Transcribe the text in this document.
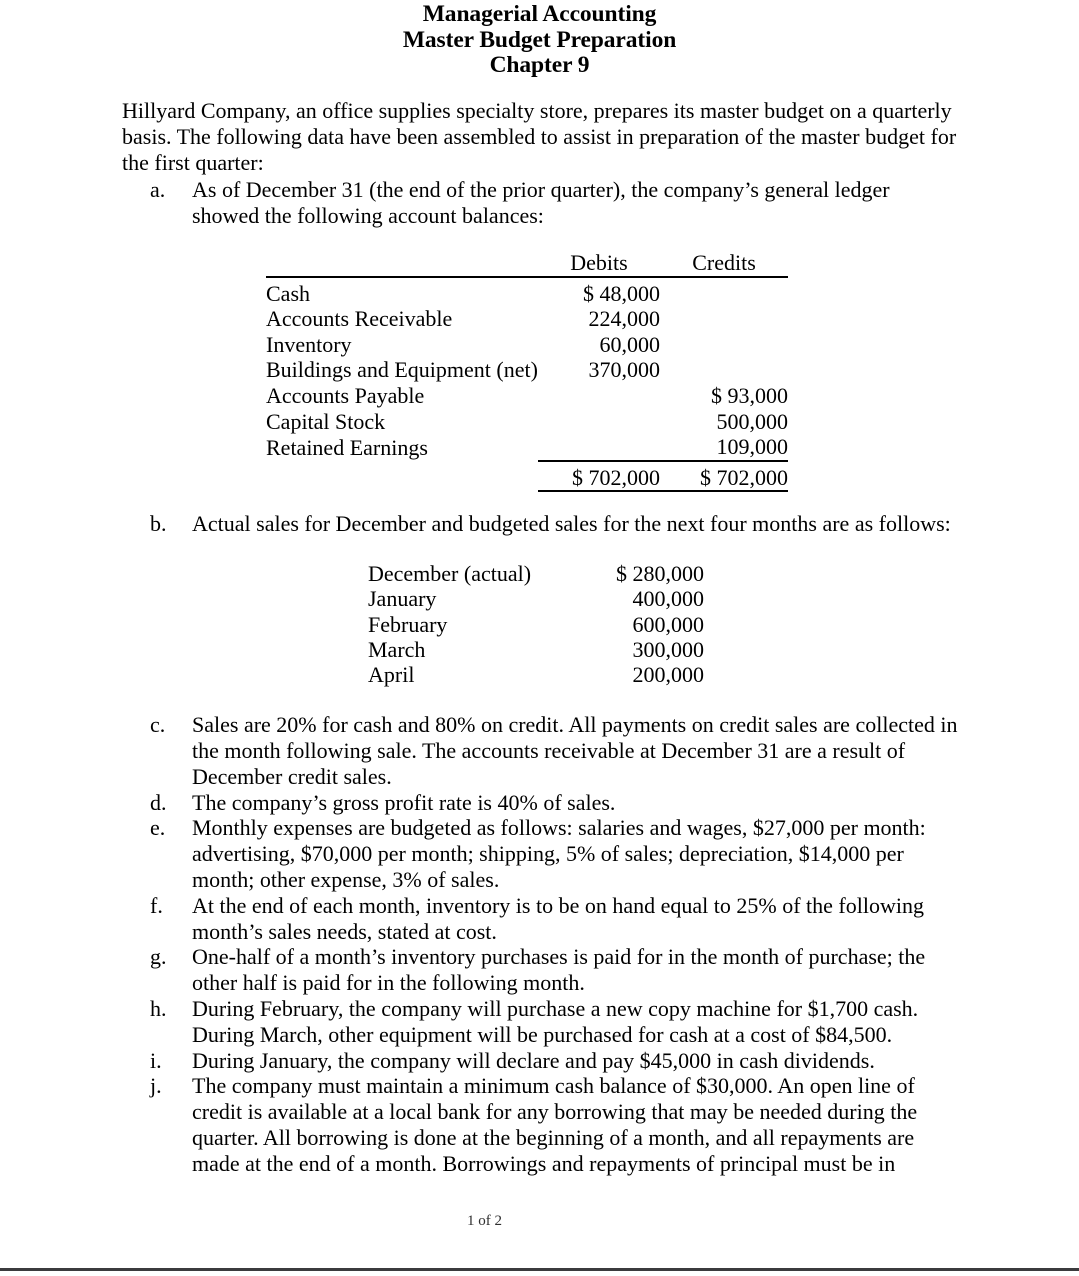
Managerial Accounting
Master Budget Preparation
Chapter 9
Hillyard Company, an office supplies specialty store, prepares its master budget on a quarterly basis. The following data have been assembled to assist in preparation of the master budget for the first quarter:
a.	As of December 31 (the end of the prior quarter), the company’s general ledger showed the following account balances:
	Debits	Credits

Cash	$ 48,000	
Accounts Receivable	224,000	
Inventory	60,000	
Buildings and Equipment (net)	370,000	
Accounts Payable		$ 93,000
Capital Stock		500,000
Retained Earnings		109,000
	$ 702,000	$ 702,000

b.	Actual sales for December and budgeted sales for the next four months are as follows:
December (actual)	$ 280,000
January	400,000
February	600,000
March	300,000
April	200,000
c.	Sales are 20% for cash and 80% on credit. All payments on credit sales are collected in the month following sale. The accounts receivable at December 31 are a result of December credit sales.
d.	The company’s gross profit rate is 40% of sales.
e.	Monthly expenses are budgeted as follows: salaries and wages, $27,000 per month: advertising, $70,000 per month; shipping, 5% of sales; depreciation, $14,000 per month; other expense, 3% of sales.
f.	At the end of each month, inventory is to be on hand equal to 25% of the following month’s sales needs, stated at cost.
g.	One-half of a month’s inventory purchases is paid for in the month of purchase; the other half is paid for in the following month.
h.	During February, the company will purchase a new copy machine for $1,700 cash. During March, other equipment will be purchased for cash at a cost of $84,500.
i.	During January, the company will declare and pay $45,000 in cash dividends.
j.	The company must maintain a minimum cash balance of $30,000. An open line of credit is available at a local bank for any borrowing that may be needed during the quarter. All borrowing is done at the beginning of a month, and all repayments are made at the end of a month. Borrowings and repayments of principal must be in
1 of 2
